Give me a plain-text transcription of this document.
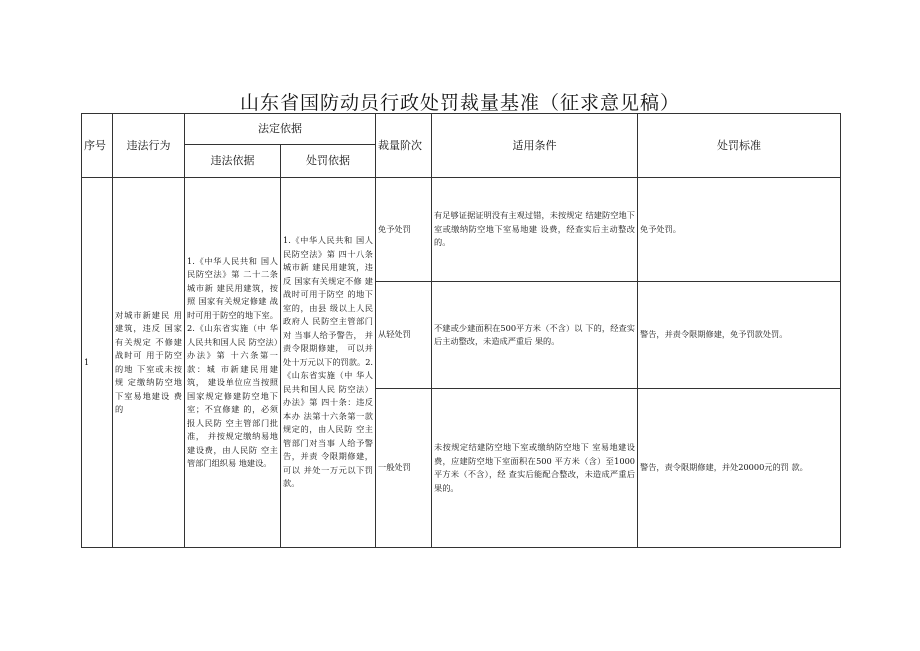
山东省国防动员行政处罚裁量基准（征求意见稿）
序号	违法行为	法定依据		裁量阶次	适用条件	处罚标准
		违法依据	处罚依据			
1	对城市新建民 用建筑，违反 国家有关规定 不修建战时可 用于防空的地 下室或未按规 定缴纳防空地下室易地建设 费的	1.《中华人民共和 国人民防空法》第 二十二条 城市新 建民用建筑，按照 国家有关规定修建 战时可用于防空的地下室。2.《山东省实施（中 华人民共和国人民 防空法）办法》第 十六条第一款：城 市新建民用建筑， 建设单位应当按照 国家规定修建防空地下室；不宜修建 的，必须报人民防 空主管部门批准， 并按规定缴纳易地 建设费，由人民防 空主管部门组织易 地建设。	1.《中华人民共和 国人民防空法》第 四十八条 城市新 建民用建筑，违反 国家有关规定不修 建战时可用于防空 的地下室的，由县 级以上人民政府人 民防空主管部门对 当事人给予警告， 并责令限期修建， 可以并处十万元以下的罚款。2.《山东省实施（中 华人民共和国人民 防空法）办法》第 四十条：违反本办 法第十六条第一款 规定的，由人民防 空主管部门对当事 人给予警告，并责 令限期修建，可以 并处一万元以下罚 款。	免予处罚	有足够证据证明没有主观过错，未按规定 结建防空地下室或缴纳防空地下室易地建 设费，经查实后主动整改的。	免予处罚。
				从轻处罚	不建或少建面积在500平方米（不含）以 下的，经查实后主动整改，未造成严重后 果的。	警告，并责令限期修建，免予罚款处罚。
				一般处罚	未按规定结建防空地下室或缴纳防空地下 室易地建设费，应建防空地下室面积在500 平方米（含）至1000平方米（不含），经 查实后能配合整改，未造成严重后果的。	警告，责令限期修建，并处20000元的罚 款。
